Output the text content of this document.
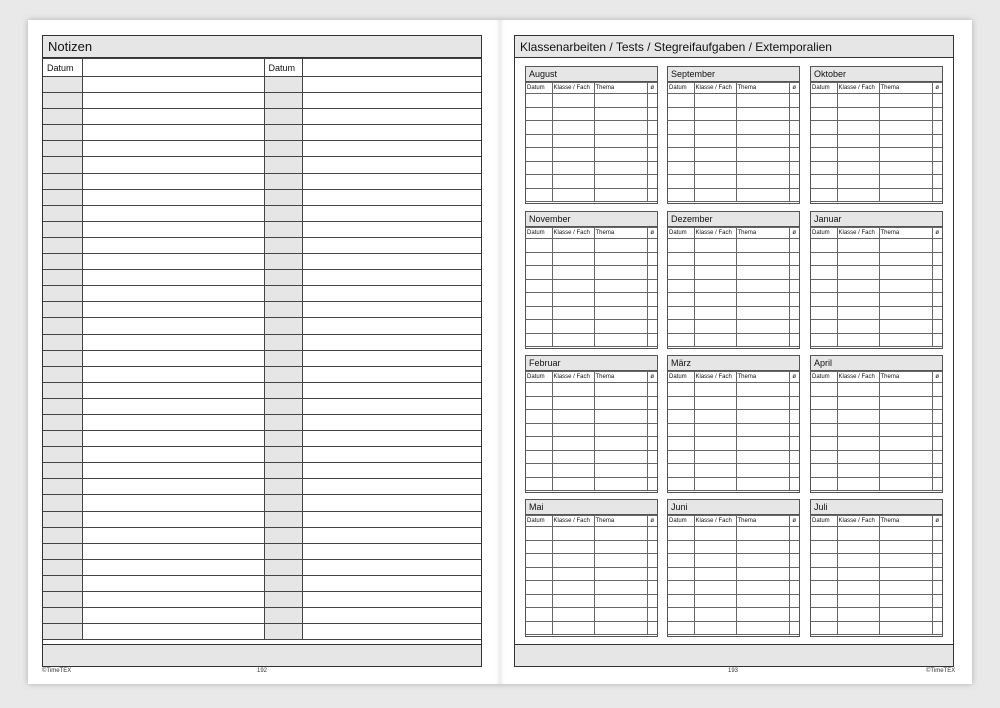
Notizen
Datum		Datum	

©TimeTEX	192
Klassenarbeiten / Tests / Stegreifaufgaben / Extemporalien
August
Datum	Klasse / Fach	Thema	ø

September
Datum	Klasse / Fach	Thema	ø

Oktober
Datum	Klasse / Fach	Thema	ø

November
Datum	Klasse / Fach	Thema	ø

Dezember
Datum	Klasse / Fach	Thema	ø

Januar
Datum	Klasse / Fach	Thema	ø

Februar
Datum	Klasse / Fach	Thema	ø

März
Datum	Klasse / Fach	Thema	ø

April
Datum	Klasse / Fach	Thema	ø

Mai
Datum	Klasse / Fach	Thema	ø

Juni
Datum	Klasse / Fach	Thema	ø

Juli
Datum	Klasse / Fach	Thema	ø

193	©TimeTEX
